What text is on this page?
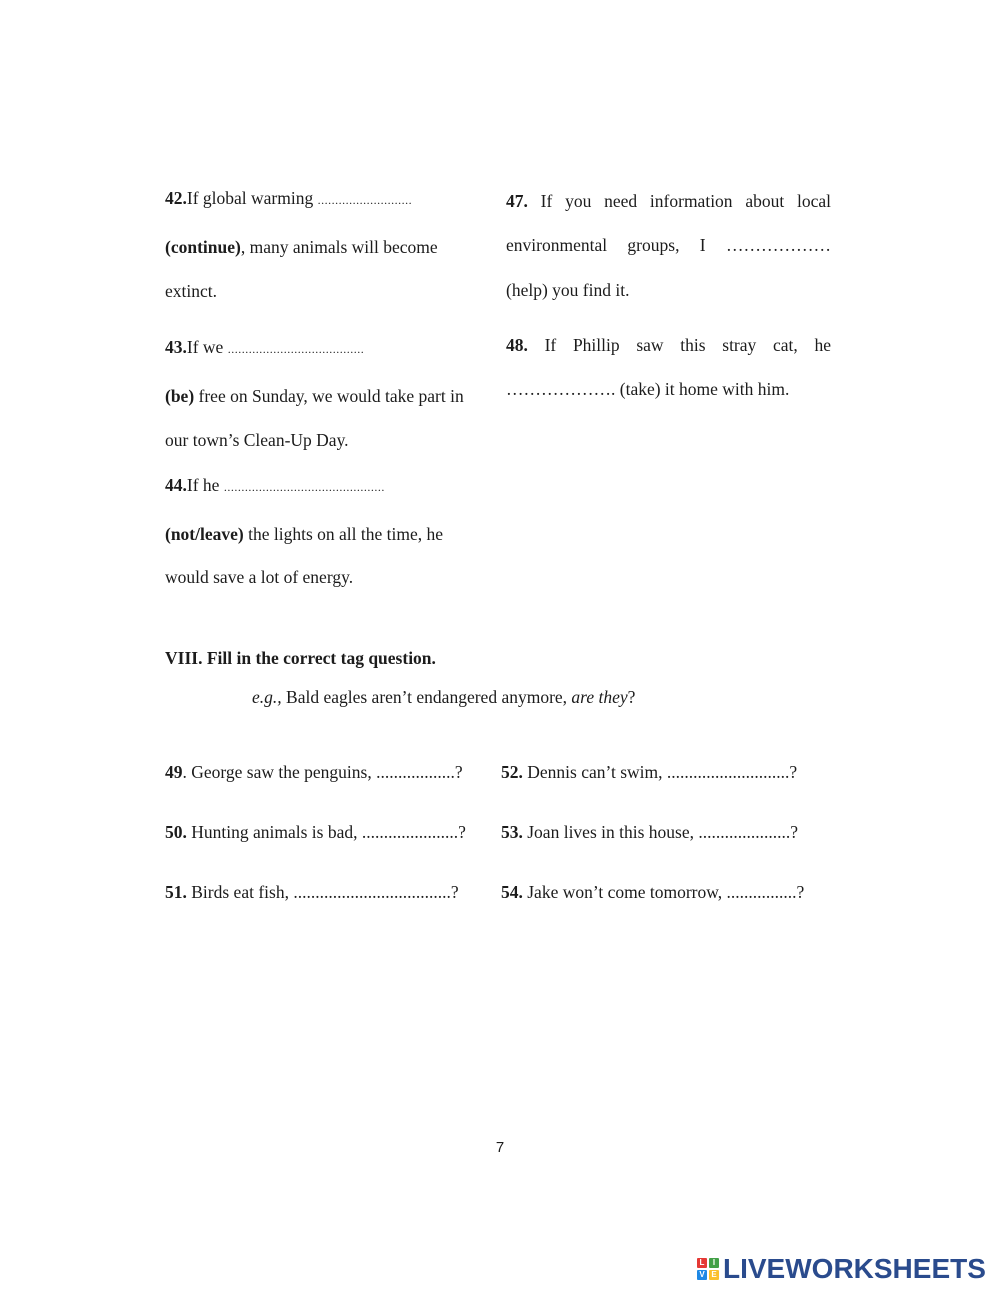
42.If global warming ...........................
(continue), many animals will become
extinct.
43.If we .......................................
(be) free on Sunday, we would take part in
our town’s Clean-Up Day.
44.If he ..............................................
(not/leave) the lights on all the time, he
would save a lot of energy.
47. If you need information about local
environmental groups, I ………………
(help) you find it.
48. If Phillip saw this stray cat, he
………………. (take) it home with him.
VIII. Fill in the correct tag question.
e.g., Bald eagles aren’t endangered anymore, are they?
49. George saw the penguins, ..................? 52. Dennis can’t swim, ............................?
50. Hunting animals is bad, ......................? 53. Joan lives in this house, .....................?
51. Birds eat fish, ....................................? 54. Jake won’t come tomorrow, ................?
7
L	I
V E LIVEWORKSHEETS
